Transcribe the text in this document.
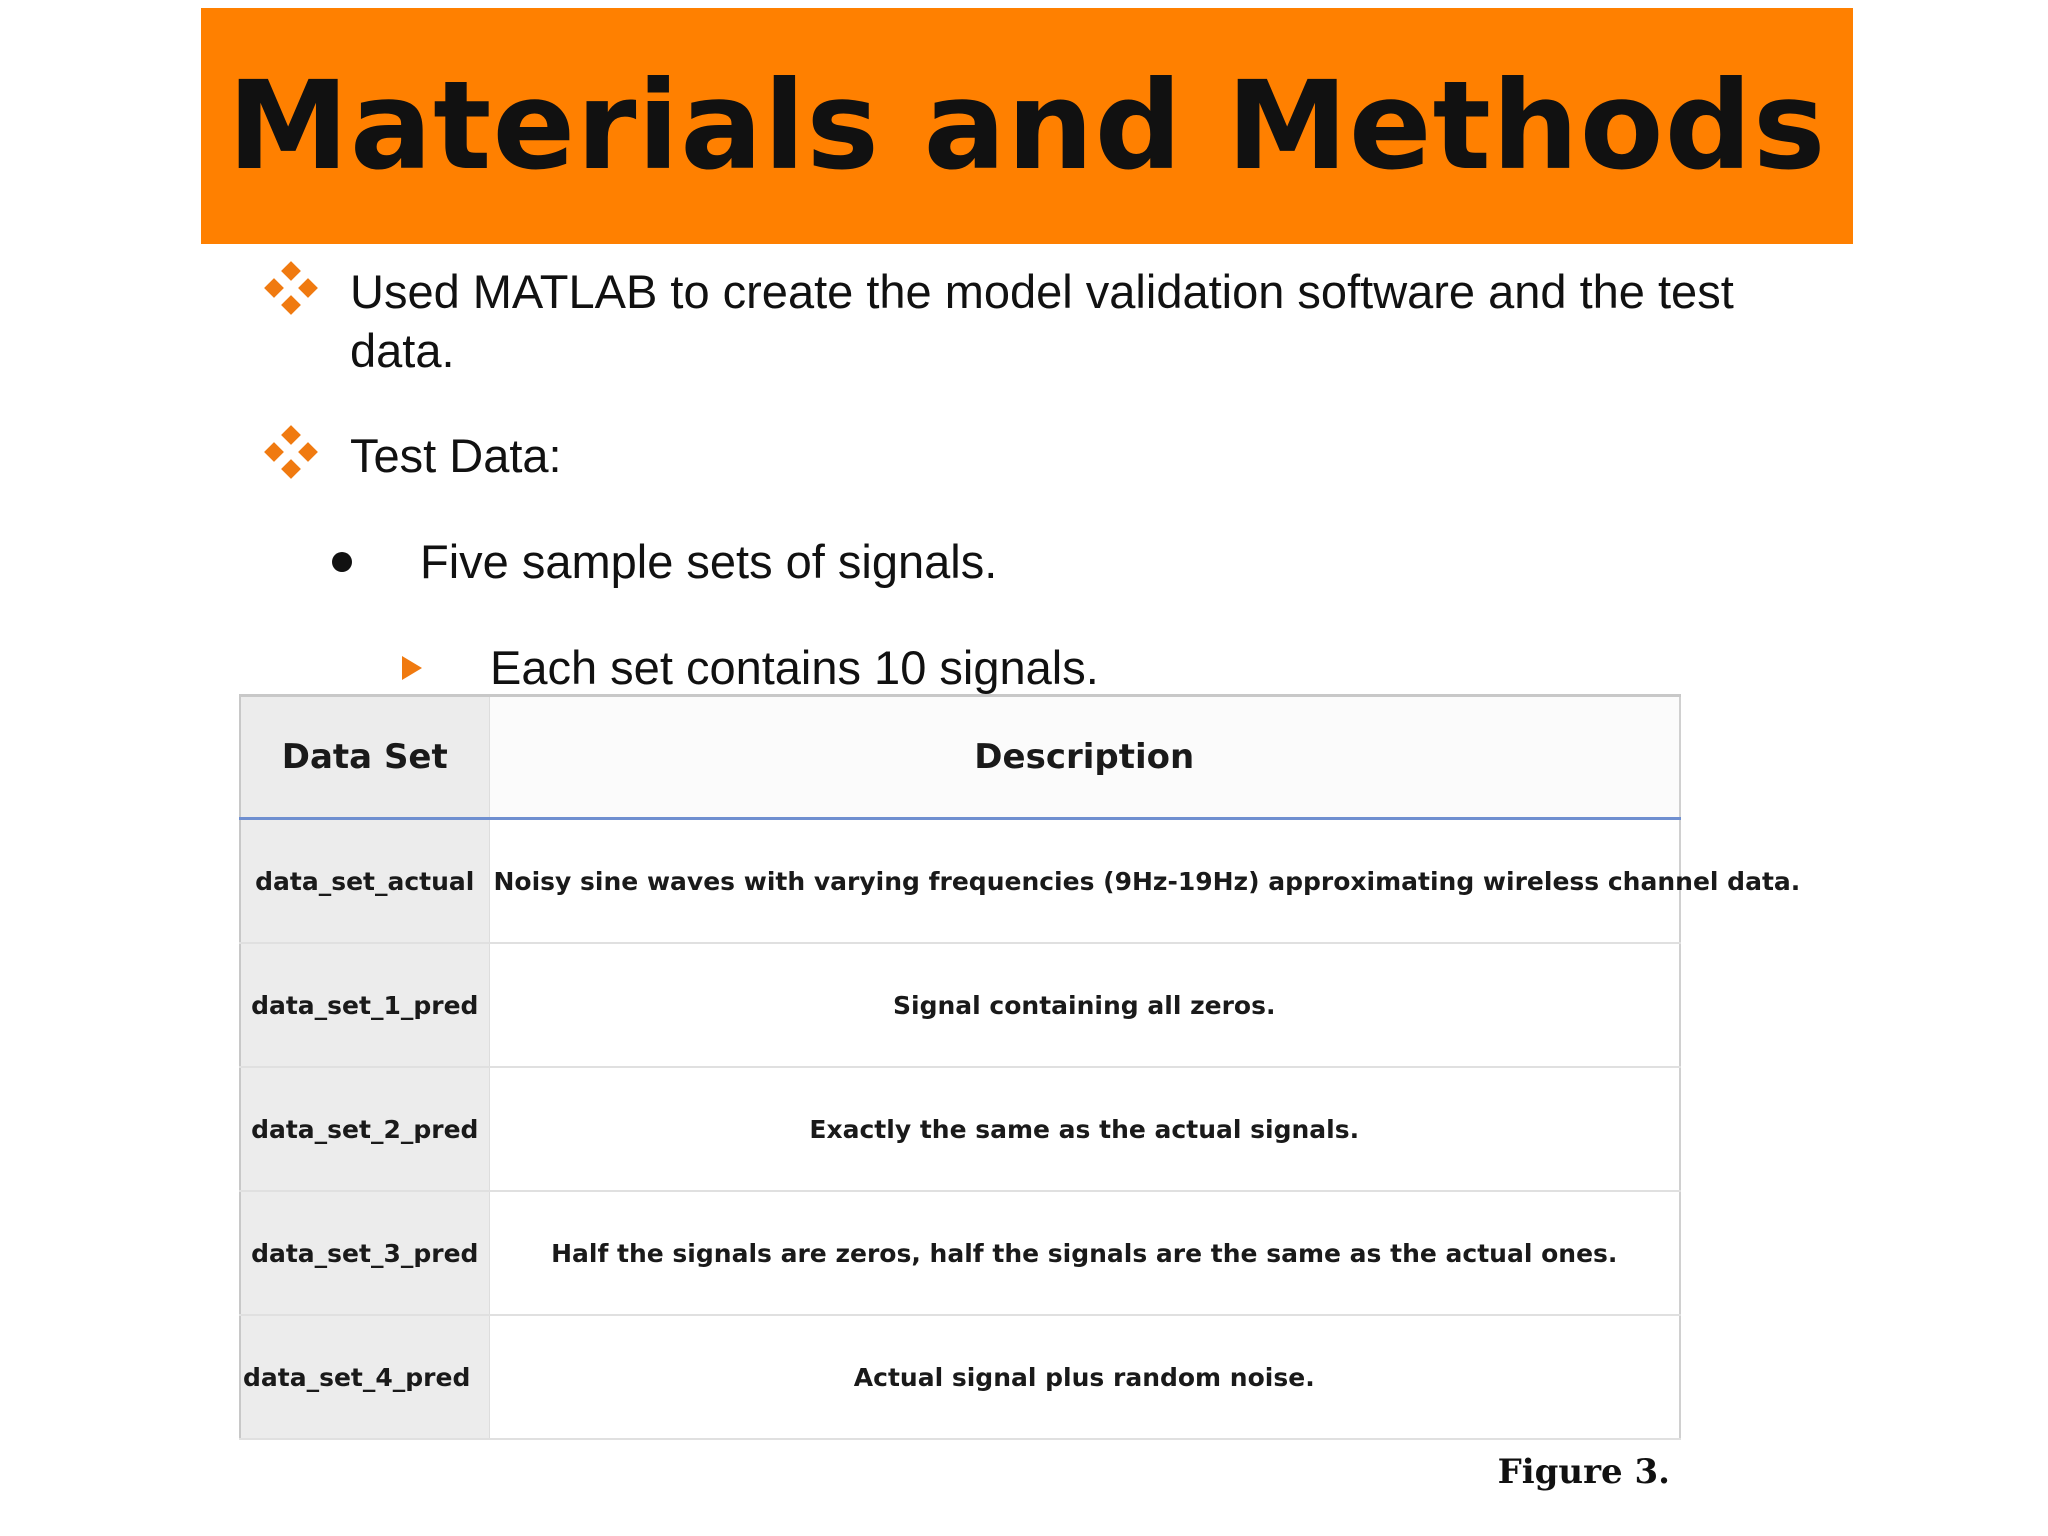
Materials and Methods
Used MATLAB to create the model validation software and the test data.
Test Data:
Five sample sets of signals.
Each set contains 10 signals.
Data Set	Description
data_set_actual	Noisy sine waves with varying frequencies (9Hz-19Hz) approximating wireless channel data.
data_set_1_pred	Signal containing all zeros.
data_set_2_pred	Exactly the same as the actual signals.
data_set_3_pred	Half the signals are zeros, half the signals are the same as the actual ones.
data_set_4_pred	Actual signal plus random noise.
Figure 3.
